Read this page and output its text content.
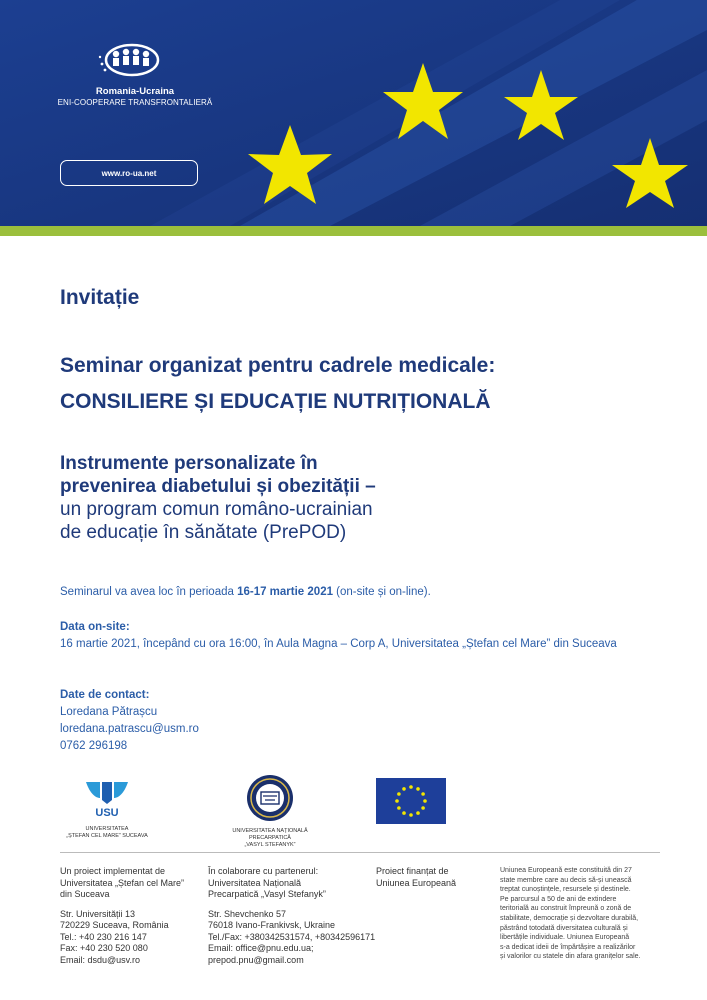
Romania-Ucraina
ENI-COOPERARE TRANSFRONTALIERĂ
www.ro-ua.net
Invitație
Seminar organizat pentru cadrele medicale:
CONSILIERE ȘI EDUCAȚIE NUTRIȚIONALĂ
Instrumente personalizate în
prevenirea diabetului și obezității –
un program comun româno-ucrainian
de educație în sănătate (PrePOD)
Seminarul va avea loc în perioada 16-17 martie 2021 (on-site și on-line).
Data on-site:
16 martie 2021, începând cu ora 16:00, în Aula Magna – Corp A, Universitatea „Ștefan cel Mare” din Suceava
Date de contact:
Loredana Pătrașcu
loredana.patrascu@usm.ro
0762 296198
USU
UNIVERSITATEA
„ȘTEFAN CEL MARE” SUCEAVA
UNIVERSITATEA NAȚIONALĂ PRECARPATICĂ
„VASYL STEFANYK”
Un proiect implementat de
Universitatea „Ștefan cel Mare”
din Suceava

Str. Universității 13
720229 Suceava, România
Tel.: +40 230 216 147
Fax: +40 230 520 080
Email: dsdu@usv.ro
În colaborare cu partenerul:
Universitatea Națională
Precarpatică „Vasyl Stefanyk”

Str. Shevchenko 57
76018 Ivano-Frankivsk, Ukraine
Tel./Fax: +380342531574, +80342596171
Email: office@pnu.edu.ua;
prepod.pnu@gmail.com
Proiect finanțat de
Uniunea Europeană
Uniunea Europeană este constituită din 27
state membre care au decis să-și unească
treptat cunoștințele, resursele și destinele.
Pe parcursul a 50 de ani de extindere
teritorială au construit împreună o zonă de
stabilitate, democrație și dezvoltare durabilă,
păstrând totodată diversitatea culturală și
libertățile individuale. Uniunea Europeană
s-a dedicat ideii de împărtășire a realizărilor
și valorilor cu statele din afara granițelor sale.
